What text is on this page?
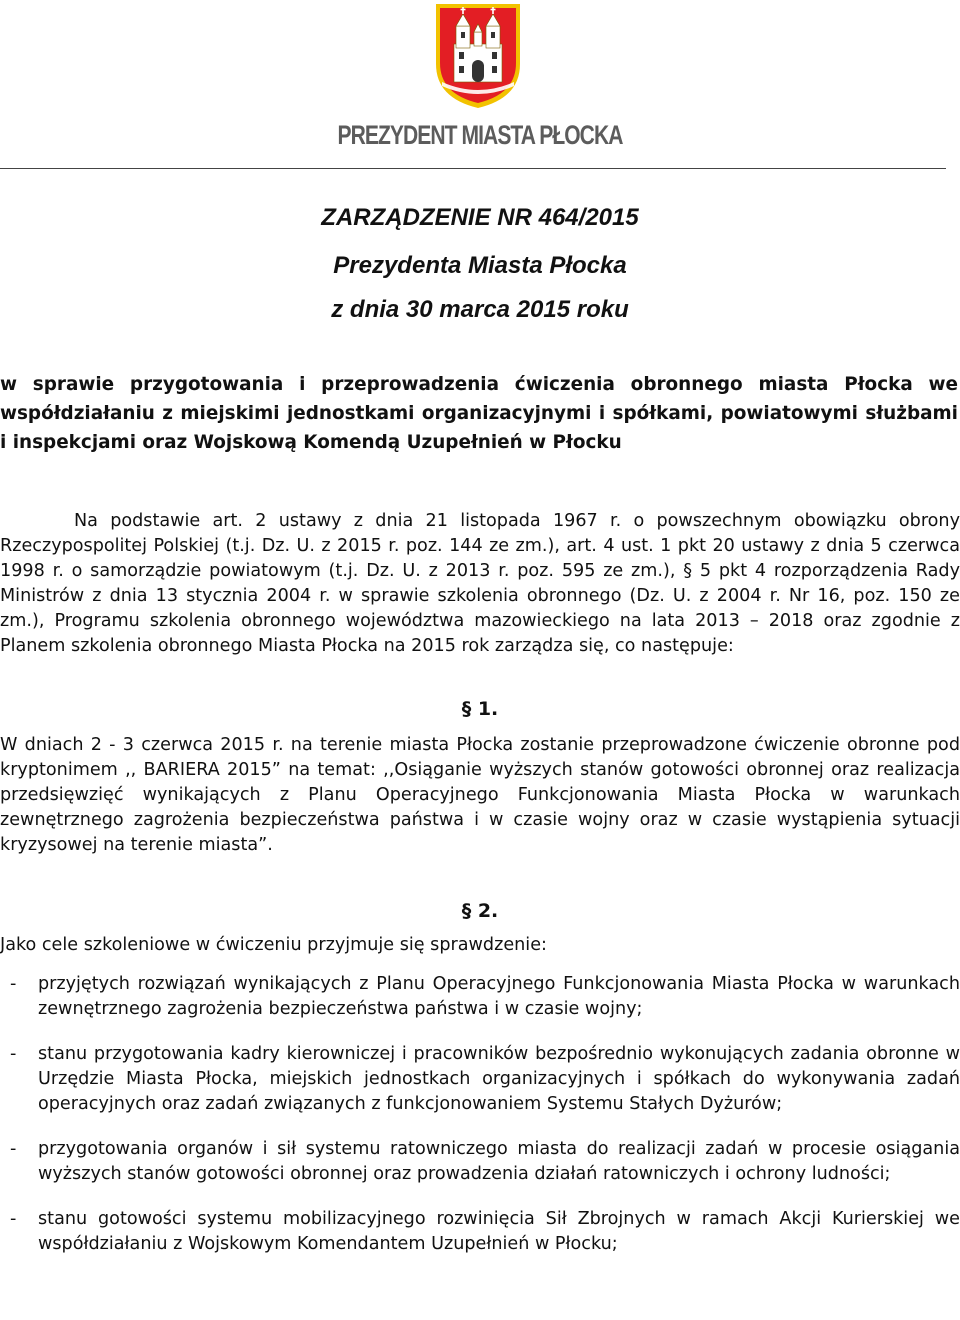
PREZYDENT MIASTA PŁOCKA
ZARZĄDZENIE NR 464/2015
Prezydenta Miasta Płocka
z dnia 30 marca 2015 roku
w sprawie przygotowania i przeprowadzenia ćwiczenia obronnego miasta Płocka we współdziałaniu z miejskimi jednostkami organizacyjnymi i spółkami, powiatowymi służbami i inspekcjami oraz Wojskową Komendą Uzupełnień w Płocku
Na podstawie art. 2 ustawy z dnia 21 listopada 1967 r. o powszechnym obowiązku obrony Rzeczypospolitej Polskiej (t.j. Dz. U. z 2015 r. poz. 144 ze zm.), art. 4 ust. 1 pkt 20 ustawy z dnia 5 czerwca 1998 r. o samorządzie powiatowym (t.j. Dz. U. z 2013 r. poz. 595 ze zm.), § 5 pkt 4 rozporządzenia Rady Ministrów z dnia 13 stycznia 2004 r. w sprawie szkolenia obronnego (Dz. U. z 2004 r. Nr 16, poz. 150 ze zm.), Programu szkolenia obronnego województwa mazowieckiego na lata 2013 – 2018 oraz zgodnie z Planem szkolenia obronnego Miasta Płocka na 2015 rok zarządza się, co następuje:
§ 1.
W dniach 2 - 3 czerwca 2015 r. na terenie miasta Płocka zostanie przeprowadzone ćwiczenie obronne pod kryptonimem ,, BARIERA 2015” na temat: ,,Osiąganie wyższych stanów gotowości obronnej oraz realizacja przedsięwzięć wynikających z Planu Operacyjnego Funkcjonowania Miasta Płocka w warunkach zewnętrznego zagrożenia bezpieczeństwa państwa i w czasie wojny oraz w czasie wystąpienia sytuacji kryzysowej na terenie miasta”.
§ 2.
Jako cele szkoleniowe w ćwiczeniu przyjmuje się sprawdzenie:
- przyjętych rozwiązań wynikających z Planu Operacyjnego Funkcjonowania Miasta Płocka w warunkach zewnętrznego zagrożenia bezpieczeństwa państwa i w czasie wojny;
- stanu przygotowania kadry kierowniczej i pracowników bezpośrednio wykonujących zadania obronne w Urzędzie Miasta Płocka, miejskich jednostkach organizacyjnych i spółkach do wykonywania zadań operacyjnych oraz zadań związanych z funkcjonowaniem Systemu Stałych Dyżurów;
- przygotowania organów i sił systemu ratowniczego miasta do realizacji zadań w procesie osiągania wyższych stanów gotowości obronnej oraz prowadzenia działań ratowniczych i ochrony ludności;
- stanu gotowości systemu mobilizacyjnego rozwinięcia Sił Zbrojnych w ramach Akcji Kurierskiej we współdziałaniu z Wojskowym Komendantem Uzupełnień w Płocku;
